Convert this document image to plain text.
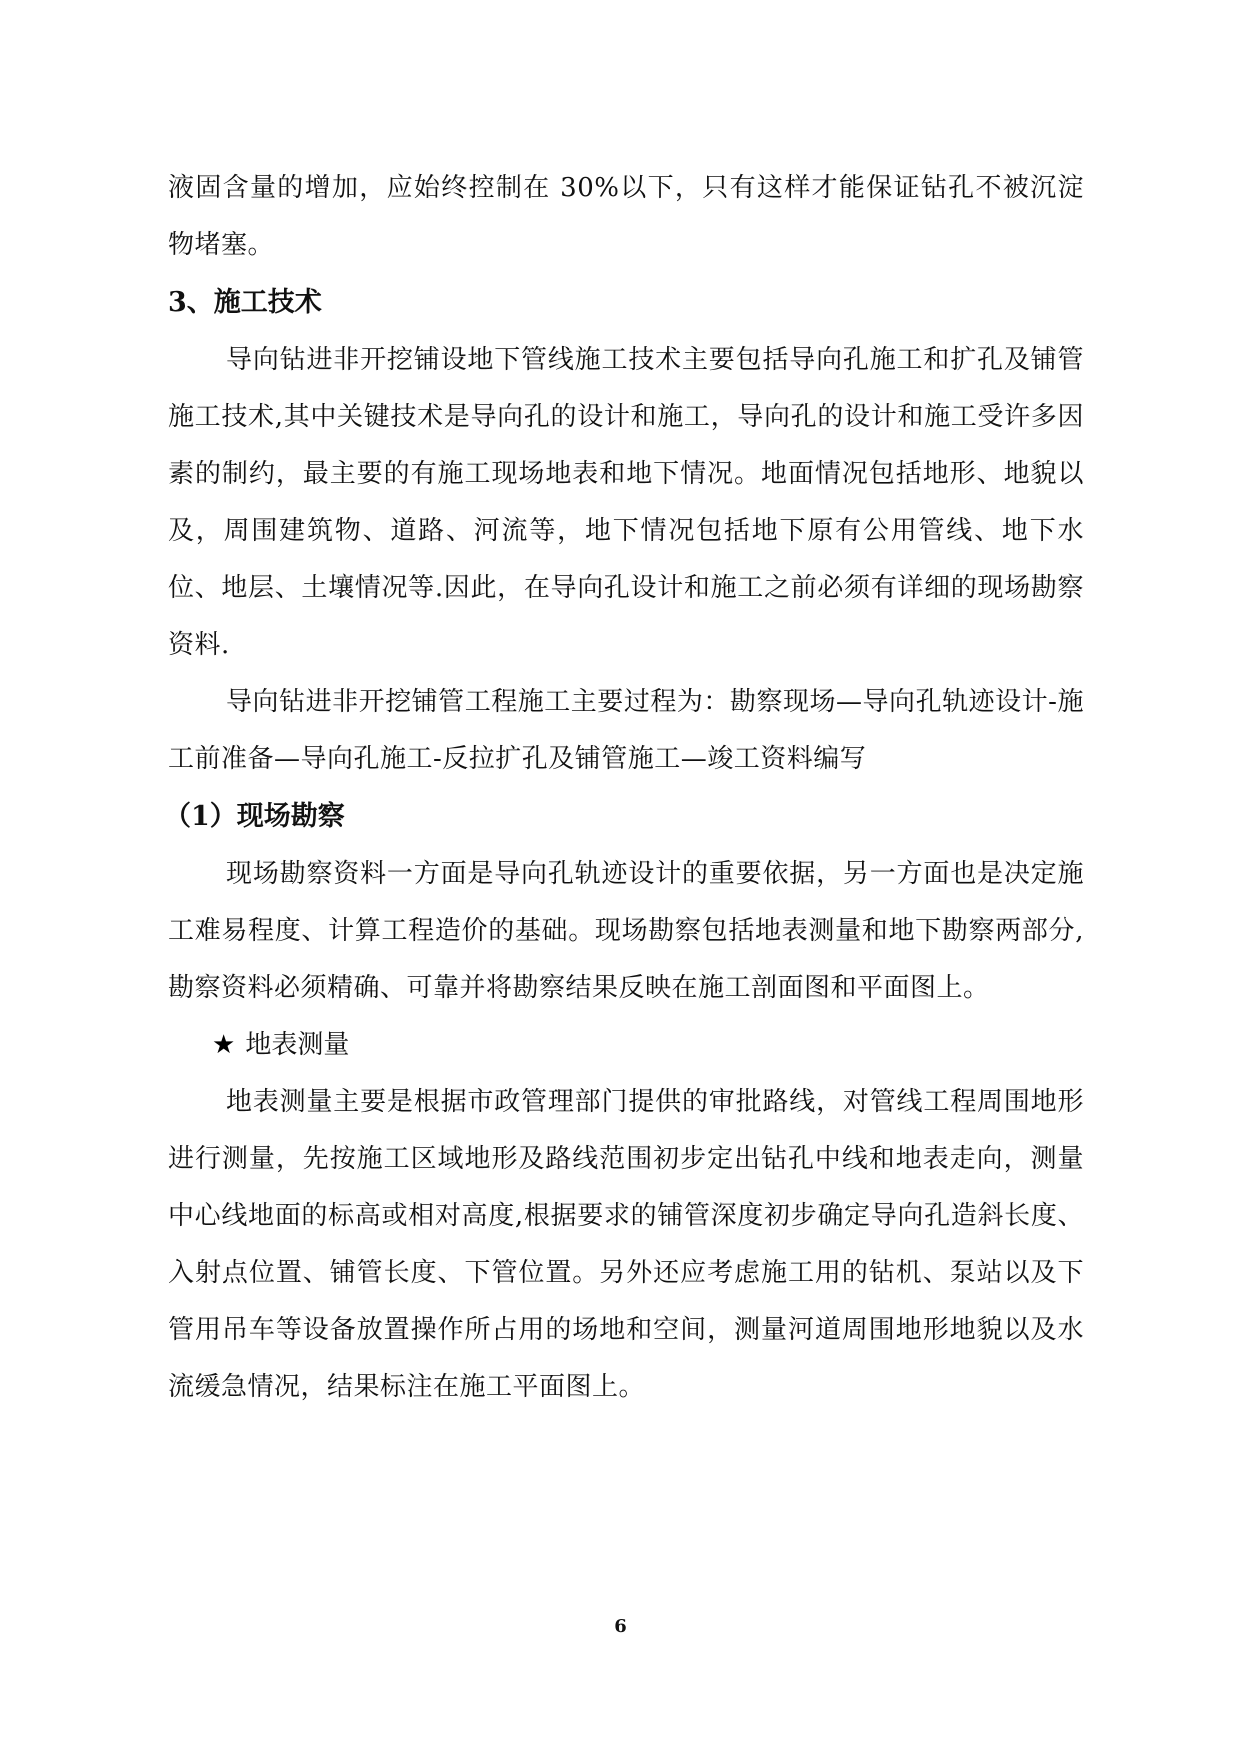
液固含量的增加，应始终控制在 30%以下，只有这样才能保证钻孔不被沉淀物堵塞。

3、施工技术

导向钻进非开挖铺设地下管线施工技术主要包括导向孔施工和扩孔及铺管施工技术,其中关键技术是导向孔的设计和施工，导向孔的设计和施工受许多因素的制约，最主要的有施工现场地表和地下情况。地面情况包括地形、地貌以及，周围建筑物、道路、河流等，地下情况包括地下原有公用管线、地下水位、地层、土壤情况等.因此，在导向孔设计和施工之前必须有详细的现场勘察资料.

导向钻进非开挖铺管工程施工主要过程为：勘察现场—导向孔轨迹设计-施工前准备—导向孔施工-反拉扩孔及铺管施工—竣工资料编写

（1）现场勘察

现场勘察资料一方面是导向孔轨迹设计的重要依据，另一方面也是决定施工难易程度、计算工程造价的基础。现场勘察包括地表测量和地下勘察两部分,勘察资料必须精确、可靠并将勘察结果反映在施工剖面图和平面图上。

★ 地表测量

地表测量主要是根据市政管理部门提供的审批路线，对管线工程周围地形进行测量，先按施工区域地形及路线范围初步定出钻孔中线和地表走向，测量中心线地面的标高或相对高度,根据要求的铺管深度初步确定导向孔造斜长度、入射点位置、铺管长度、下管位置。另外还应考虑施工用的钻机、泵站以及下管用吊车等设备放置操作所占用的场地和空间，测量河道周围地形地貌以及水流缓急情况，结果标注在施工平面图上。

6
